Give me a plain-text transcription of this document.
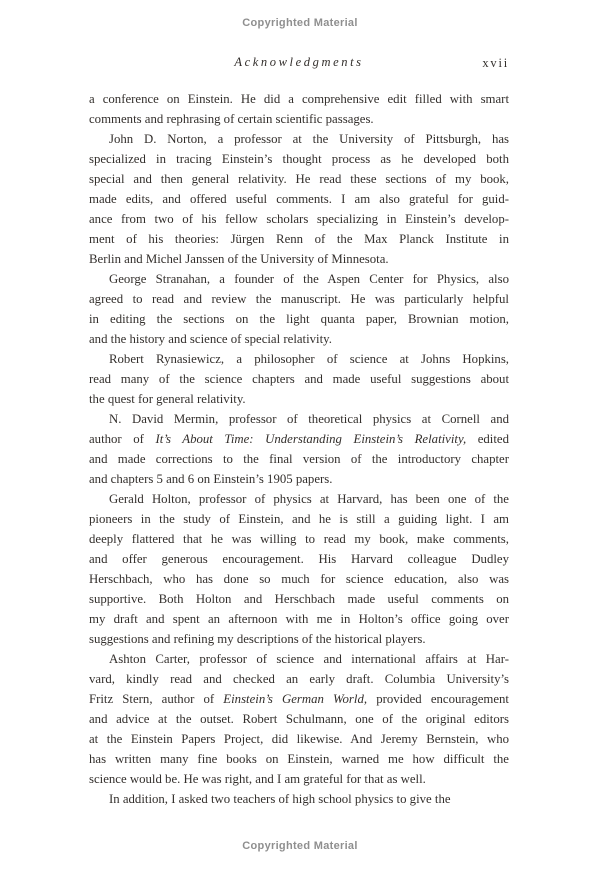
Copyrighted Material
Acknowledgments	xvii
a conference on Einstein. He did a comprehensive edit filled with smart
comments and rephrasing of certain scientific passages.
John D. Norton, a professor at the University of Pittsburgh, has
specialized in tracing Einstein’s thought process as he developed both
special and then general relativity. He read these sections of my book,
made edits, and offered useful comments. I am also grateful for guid-
ance from two of his fellow scholars specializing in Einstein’s develop-
ment of his theories: Jürgen Renn of the Max Planck Institute in
Berlin and Michel Janssen of the University of Minnesota.
George Stranahan, a founder of the Aspen Center for Physics, also
agreed to read and review the manuscript. He was particularly helpful
in editing the sections on the light quanta paper, Brownian motion,
and the history and science of special relativity.
Robert Rynasiewicz, a philosopher of science at Johns Hopkins,
read many of the science chapters and made useful suggestions about
the quest for general relativity.
N. David Mermin, professor of theoretical physics at Cornell and
author of It’s About Time: Understanding Einstein’s Relativity, edited
and made corrections to the final version of the introductory chapter
and chapters 5 and 6 on Einstein’s 1905 papers.
Gerald Holton, professor of physics at Harvard, has been one of the
pioneers in the study of Einstein, and he is still a guiding light. I am
deeply flattered that he was willing to read my book, make comments,
and offer generous encouragement. His Harvard colleague Dudley
Herschbach, who has done so much for science education, also was
supportive. Both Holton and Herschbach made useful comments on
my draft and spent an afternoon with me in Holton’s office going over
suggestions and refining my descriptions of the historical players.
Ashton Carter, professor of science and international affairs at Har-
vard, kindly read and checked an early draft. Columbia University’s
Fritz Stern, author of Einstein’s German World, provided encouragement
and advice at the outset. Robert Schulmann, one of the original editors
at the Einstein Papers Project, did likewise. And Jeremy Bernstein, who
has written many fine books on Einstein, warned me how difficult the
science would be. He was right, and I am grateful for that as well.
In addition, I asked two teachers of high school physics to give the
Copyrighted Material
